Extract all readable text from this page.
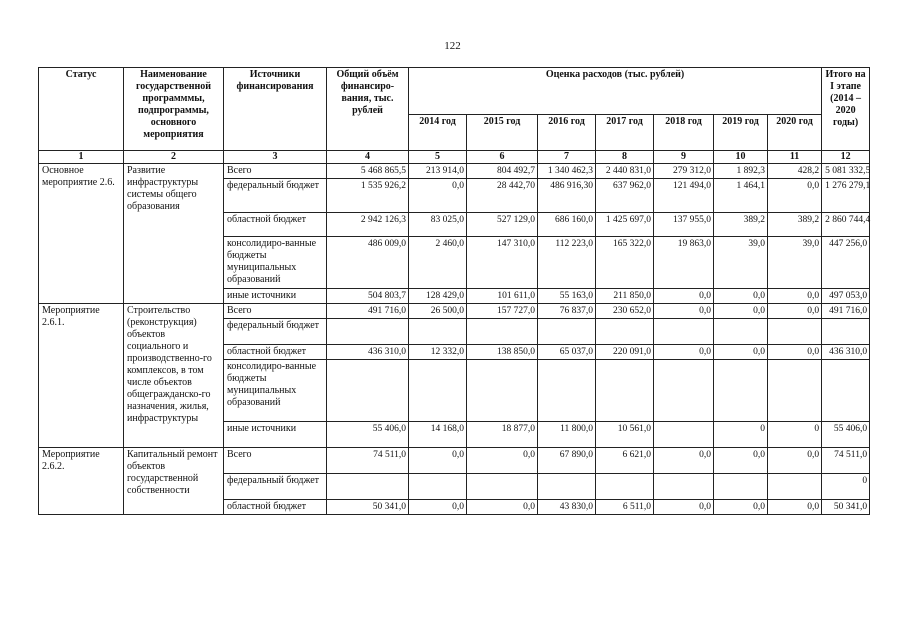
122
Статус	Наименование государственной программмы, подпрограммы, основного мероприятия	Источники финансирования	Общий объём финансиро-вания, тыс. рублей	Оценка расходов (тыс. рублей)							Итого на I этапе (2014 – 2020 годы)
				2014 год	2015 год	2016 год	2017 год	2018 год	2019 год	2020 год	
1	2	3	4	5	6	7	8	9	10	11	12
Основное мероприятие 2.6.	Развитие инфраструктуры системы общего образования	Всего	5 468 865,5	213 914,0	804 492,7	1 340 462,3	2 440 831,0	279 312,0	1 892,3	428,2	5 081 332,5
		федеральный бюджет	1 535 926,2	0,0	28 442,70	486 916,30	637 962,0	121 494,0	1 464,1	0,0	1 276 279,1
		областной бюджет	2 942 126,3	83 025,0	527 129,0	686 160,0	1 425 697,0	137 955,0	389,2	389,2	2 860 744,4
		консолидиро-ванные бюджеты муниципальных образований	486 009,0	2 460,0	147 310,0	112 223,0	165 322,0	19 863,0	39,0	39,0	447 256,0
		иные источники	504 803,7	128 429,0	101 611,0	55 163,0	211 850,0	0,0	0,0	0,0	497 053,0
Мероприятие 2.6.1.	Строительство (реконструкция) объектов социального и производственно-го комплексов, в том числе объектов общегражданско-го назначения, жилья, инфраструктуры	Всего	491 716,0	26 500,0	157 727,0	76 837,0	230 652,0	0,0	0,0	0,0	491 716,0
		федеральный бюджет									
		областной бюджет	436 310,0	12 332,0	138 850,0	65 037,0	220 091,0	0,0	0,0	0,0	436 310,0
		консолидиро-ванные бюджеты муниципальных образований									
		иные источники	55 406,0	14 168,0	18 877,0	11 800,0	10 561,0		0	0	55 406,0
Мероприятие 2.6.2.	Капитальный ремонт объектов государственной собственности	Всего	74 511,0	0,0	0,0	67 890,0	6 621,0	0,0	0,0	0,0	74 511,0
		федеральный бюджет									0
		областной бюджет	50 341,0	0,0	0,0	43 830,0	6 511,0	0,0	0,0	0,0	50 341,0
